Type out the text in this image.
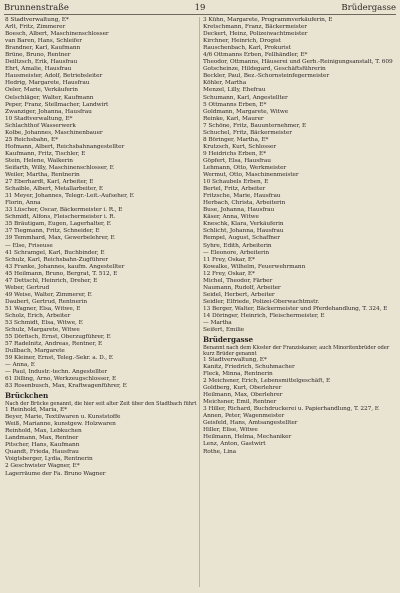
Brunnenstraße	19	Brüdergasse
8 Stadtverwaltung, E*
Arlt, Fritz, Zimmerer
Boesch, Albert, Maschinenschlosser
van Baren, Hans, Schleifer
Brandner, Karl, Kaufmann
Brüne, Bruno, Rentner
Deiltzsch, Erik, Hausfrau
Ehrt, Amalie, Hausfrau
Hausmeister, Adolf, Betriebsleiter
Hedrig, Margarete, Hausfrau
Oeler, Marie, Verkäuferin
Oelschläger, Walter, Kaufmann
Peper, Franz, Stellmacher, Landwirt
Zwanziger, Johanna, Hausfrau
10 Stadtverwaltung, E*
Schlachthof Wasserwerk
Kolbe, Johannes, Maschinenbauer
25 Reichsbahn, E*
Hofmann, Albert, Reichsbahnangestellter
Kaufmann, Fritz, Tischler, E
Stein, Helene, Walkerin
Seifarth, Willy, Maschinenschlosser, E
Weiler, Martha, Rentnerin
27 Eberhardt, Karl, Arbeiter, E
Schaible, Albert, Metallarbeiter, E
31 Meyer, Johannes, Telegr.-Leit.-Aufseher, E
Florin, Anna
33 Lüscher, Oscar, Bäckermeister i. R., E
Schmidt, Alfons, Fleischermeister i. R.
35 Bräutigam, Eugen, Lagerhalter, E
37 Tiegmann, Fritz, Schneider, E
39 Temmhard, Max, Gewerbelehrer, E
— Else, Friseuse
41 Schramgel, Karl, Buchbinder, E
Schulz, Karl, Reichsbahn-Zugführer
43 Franke, Johannes, kaufm. Angestellter
45 Heilmann, Bruno, Bergrat, T. 512, E
47 Dettschl, Heinrich, Dreher, E
Weber, Gertrud
49 Weise, Walter, Zimmerer, E
Daubert, Gertrud, Rentnerin
51 Wagner, Elsa, Witwe, E
Scholz, Erich, Arbeiter
53 Schmidt, Elsa, Witwe, E
Schulz, Margarete, Witwe
55 Dörfisch, Ernst, Oberzugführer, E
57 Radelnitz, Andreas, Rentner, E
Dullbach, Margarete
59 Kleiner, Ernst, Teleg.-Sekr. a. D., E
— Anna, E
— Paul, Industr.-techn. Angestellter
61 Dilling, Arno, Werkzeugschlosser, E
83 Rosenbusch, Max, Kraftwagenführer, E
Brückchen
Nach der Brücke genannt, die hier seit alter Zeit über den Stadtbach führt
1 Reinhold, Maria, E*
Beyer, Marie, Textilwaren u. Kunststoffe
Weiß, Marianne, kunstgew. Holzwaren
Reinhold, Max, Lebkuchen
Landmann, Max, Rentner
Pitscher, Hans, Kaufmann
Quandt, Frieda, Hausfrau
Voigtsberger, Lydia, Rentnerin
2 Geschwister Wagner, E*
Lagerräume der Fa. Bruno Wagner
3 Kühn, Margarete, Programmverkäuferin, E
Kretschmann, Franz, Bäckermeister
Deckert, Heinz, Polizeiwachtmeister
Kirchner, Heinrich, Drogist
Rauschenbach, Karl, Prokurist
4/6 Ottmanns Erben, Fellhändler, E*
Theodor, Ottmanns, Häuserei und Gerb.-Reinigungsanstalt, T. 609
Gotscheinze, Hildegard, Geschäftsführerin
Beckler, Paul, Bez.-Schornsteinfegermeister
Köhler, Martha
Menzel, Lilly, Ehefrau
Schumann, Karl, Angestellter
5 Ottmanns Erben, E*
Goldmann, Margarete, Witwe
Reinke, Karl, Maurer
7 Schöne, Fritz, Bauunternehmer, E
Schuchel, Fritz, Bäckermeister
8 Böringer, Martha, E*
Krutzsch, Kurt, Schlosser
9 Heidrichs Erben, E*
Göpfert, Elsa, Hausfrau
Lehmann, Otto, Werkmeister
Wermut, Otto, Maschinenmeister
10 Schaubels Erben, E
Bertel, Fritz, Arbeiter
Fritzsche, Marie, Hausfrau
Herbach, Christa, Arbeiterin
Buse, Johanna, Hausfrau
Käser, Anna, Witwe
Kneschk, Klara, Verkäuferin
Schlicht, Johanna, Hausfrau
Rempel, August, Schaffner
Syhre, Edith, Arbeiterin
— Eleonore, Arbeiterin
11 Frey, Oskar, E*
Kowalke, Wilhelm, Feuerwehrmann
12 Frey, Oskar, E*
Michel, Theodor, Färber
Naumann, Rudolf, Arbeiter
Seidel, Herbert, Arbeiter
Seidler, Elfriede, Polizei-Oberwachtmstr.
13 Berger, Walter, Bäckermeister und Pferdehandlung, T. 324, E
14 Döringer, Heinrich, Fleischermeister, E
— Martha
Seifert, Emilie
Brüdergasse
Benannt nach dem Kloster der Franziskaner, auch Minoritenbrüder oder kurz Brüder genannt
1 Stadtverwaltung, E*
Kanitz, Friedrich, Schuhmacher
Fleck, Minna, Rentnerin
2 Meichsner, Erich, Lebensmittelgeschäft, E
Goldberg, Kurt, Oberlehrer
Heilmann, Max, Oberlehrer
Meichsner, Emil, Rentner
3 Hiller, Richard, Buchdruckerei u. Papierhandlung, T. 227, E
Annen, Peter, Wagenmeister
Geisfeld, Hans, Amtsangestellter
Hiller, Elise, Witwe
Heilmann, Helma, Mechaniker
Lenz, Anton, Gastwirt
Rothe, Lina
